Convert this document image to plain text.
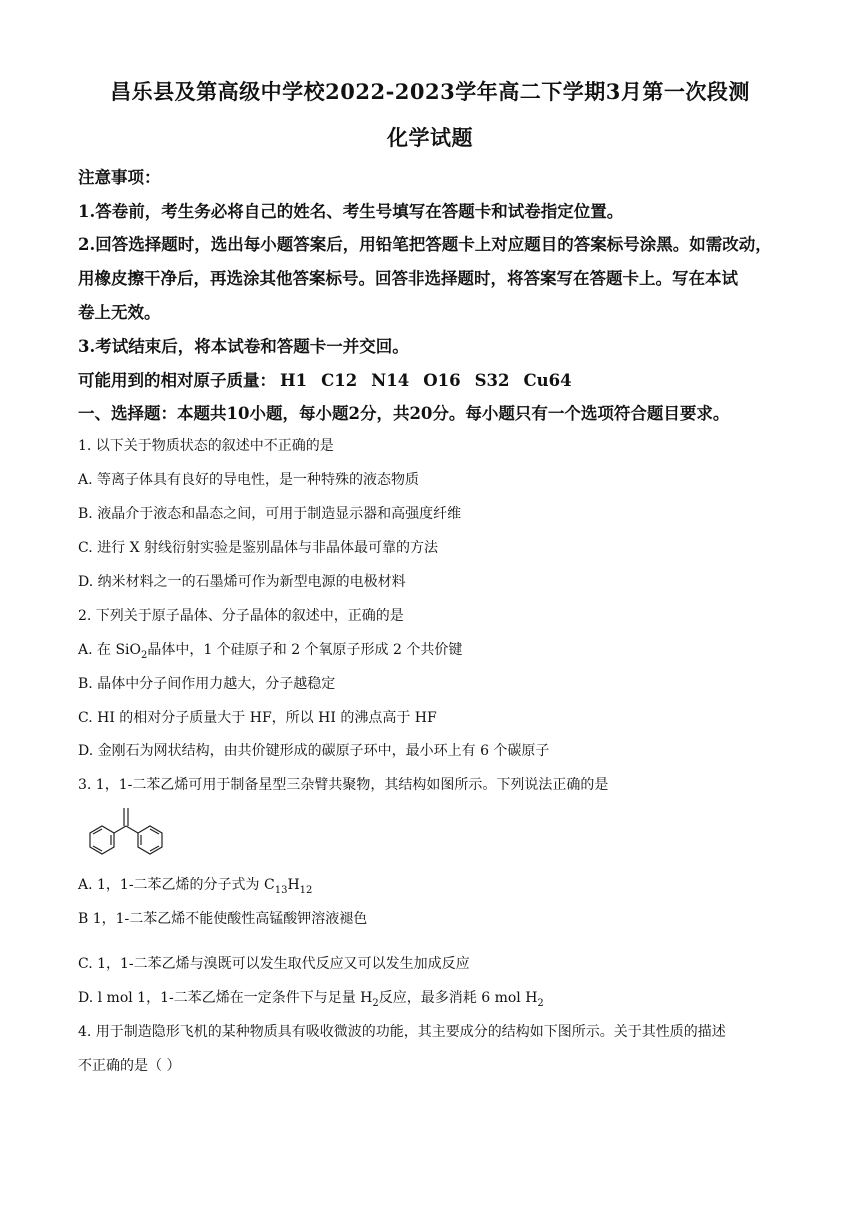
昌乐县及第高级中学校2022-2023学年高二下学期3月第一次段测
化学试题
注意事项：
1.答卷前，考生务必将自己的姓名、考生号填写在答题卡和试卷指定位置。
2.回答选择题时，选出每小题答案后，用铅笔把答题卡上对应题目的答案标号涂黑。如需改动，
用橡皮擦干净后，再选涂其他答案标号。回答非选择题时，将答案写在答题卡上。写在本试
卷上无效。
3.考试结束后，将本试卷和答题卡一并交回。
可能用到的相对原子质量： H1 C12 N14 O16 S32 Cu64
一、选择题：本题共10小题，每小题2分，共20分。每小题只有一个选项符合题目要求。
1. 以下关于物质状态的叙述中不正确的是
A. 等离子体具有良好的导电性，是一种特殊的液态物质
B. 液晶介于液态和晶态之间，可用于制造显示器和高强度纤维
C. 进行 X 射线衍射实验是鉴别晶体与非晶体最可靠的方法
D. 纳米材料之一的石墨烯可作为新型电源的电极材料
2. 下列关于原子晶体、分子晶体的叙述中，正确的是
A. 在 SiO$_2$晶体中，1 个硅原子和 2 个氧原子形成 2 个共价键
B. 晶体中分子间作用力越大，分子越稳定
C. HI 的相对分子质量大于 HF，所以 HI 的沸点高于 HF
D. 金刚石为网状结构，由共价键形成的碳原子环中，最小环上有 6 个碳原子
3. 1，1-二苯乙烯可用于制备星型三杂臂共聚物，其结构如图所示。下列说法正确的是
A. 1，1-二苯乙烯的分子式为 $C_{13}H_{12}$
B 1，1-二苯乙烯不能使酸性高锰酸钾溶液褪色
C. 1，1-二苯乙烯与溴既可以发生取代反应又可以发生加成反应
D. l mol 1，1-二苯乙烯在一定条件下与足量 $H_2$反应，最多消耗 6 mol $H_2$
4. 用于制造隐形飞机的某种物质具有吸收微波的功能，其主要成分的结构如下图所示。关于其性质的描述
不正确的是（ ）
